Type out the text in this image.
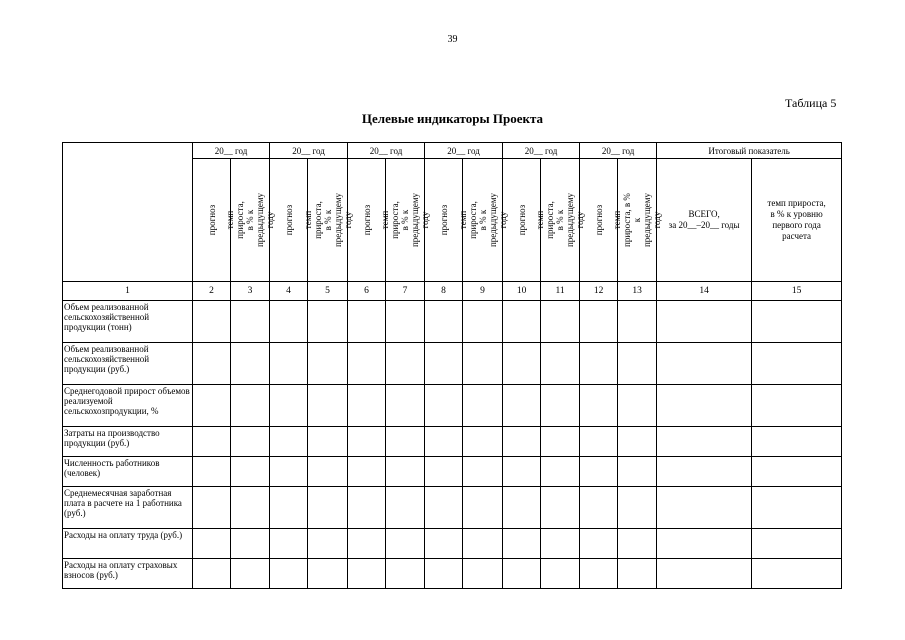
39
Таблица 5
Целевые индикаторы Проекта
	20__ год		20__ год		20__ год		20__ год		20__ год		20__ год		Итоговый показатель	

	прогноз	темп прироста,
в % к предыдущему году	прогноз	темп прироста,
в % к предыдущему году	прогноз	темп прироста,
в % к предыдущему году	прогноз	темп прироста,
в % к предыдущему году	прогноз	темп прироста,
в % к предыдущему году	прогноз	темп прироста, в % к
предыдущему году	ВСЕГО,
за 20__–20__ годы	темп прироста,
в % к уровню
первого года
расчета

1	2	3	4	5	6	7	8	9	10	11	12	13	14	15
Объем реализованной сельскохозяйственной продукции (тонн)														
Объем реализованной сельскохозяйственной продукции (руб.)														
Среднегодовой прирост объемов реализуемой сельскохозпродукции, %														
Затраты на производство продукции (руб.)														
Численность работников (человек)														
Среднемесячная заработная плата в расчете на 1 работника (руб.)														
Расходы на оплату труда (руб.)														
Расходы на оплату страховых взносов (руб.)														
